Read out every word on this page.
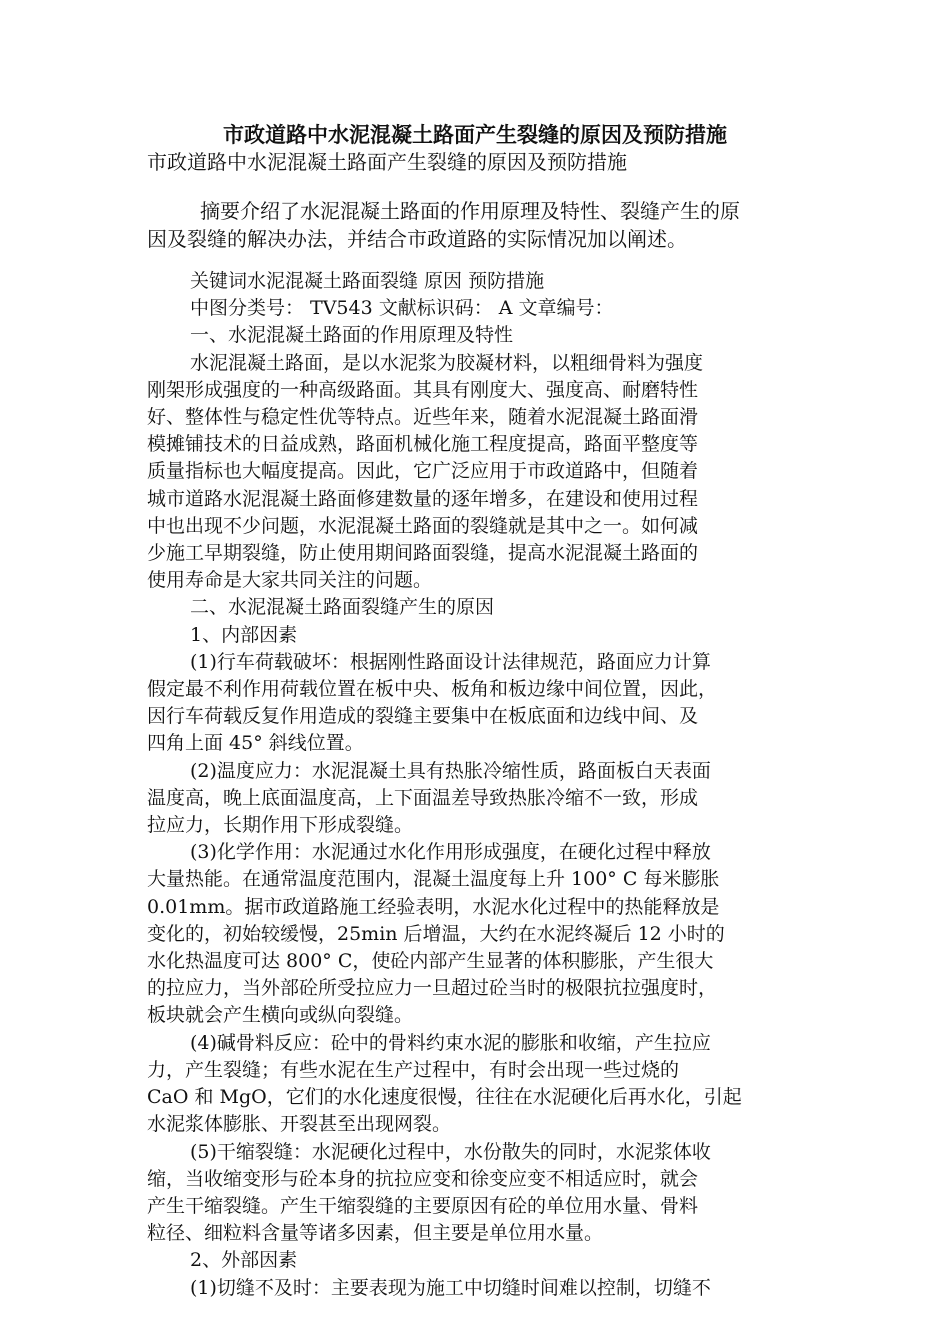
市政道路中水泥混凝土路面产生裂缝的原因及预防措施
市政道路中水泥混凝土路面产生裂缝的原因及预防措施
摘要介绍了水泥混凝土路面的作用原理及特性、裂缝产生的原
因及裂缝的解决办法，并结合市政道路的实际情况加以阐述。
关键词水泥混凝土路面裂缝 原因 预防措施
中图分类号： TV543 文献标识码： A 文章编号：
一、水泥混凝土路面的作用原理及特性
水泥混凝土路面，是以水泥浆为胶凝材料，以粗细骨料为强度
刚架形成强度的一种高级路面。其具有刚度大、强度高、耐磨特性
好、整体性与稳定性优等特点。近些年来，随着水泥混凝土路面滑
模摊铺技术的日益成熟，路面机械化施工程度提高，路面平整度等
质量指标也大幅度提高。因此，它广泛应用于市政道路中，但随着
城市道路水泥混凝土路面修建数量的逐年增多，在建设和使用过程
中也出现不少问题，水泥混凝土路面的裂缝就是其中之一。如何减
少施工早期裂缝，防止使用期间路面裂缝，提高水泥混凝土路面的
使用寿命是大家共同关注的问题。
二、水泥混凝土路面裂缝产生的原因
1、内部因素
(1)行车荷载破坏：根据刚性路面设计法律规范，路面应力计算
假定最不利作用荷载位置在板中央、板角和板边缘中间位置，因此，
因行车荷载反复作用造成的裂缝主要集中在板底面和边线中间、及
四角上面 45° 斜线位置。
(2)温度应力：水泥混凝土具有热胀冷缩性质，路面板白天表面
温度高，晚上底面温度高，上下面温差导致热胀冷缩不一致，形成
拉应力，长期作用下形成裂缝。
(3)化学作用：水泥通过水化作用形成强度，在硬化过程中释放
大量热能。在通常温度范围内，混凝土温度每上升 100° C 每米膨胀
0.01mm。据市政道路施工经验表明，水泥水化过程中的热能释放是
变化的，初始较缓慢，25min 后增温，大约在水泥终凝后 12 小时的
水化热温度可达 800° C，使砼内部产生显著的体积膨胀，产生很大
的拉应力，当外部砼所受拉应力一旦超过砼当时的极限抗拉强度时，
板块就会产生横向或纵向裂缝。
(4)碱骨料反应：砼中的骨料约束水泥的膨胀和收缩，产生拉应
力，产生裂缝；有些水泥在生产过程中，有时会出现一些过烧的
CaO 和 MgO，它们的水化速度很慢，往往在水泥硬化后再水化，引起
水泥浆体膨胀、开裂甚至出现网裂。
(5)干缩裂缝：水泥硬化过程中，水份散失的同时，水泥浆体收
缩，当收缩变形与砼本身的抗拉应变和徐变应变不相适应时，就会
产生干缩裂缝。产生干缩裂缝的主要原因有砼的单位用水量、骨料
粒径、细粒料含量等诸多因素，但主要是单位用水量。
2、外部因素
(1)切缝不及时：主要表现为施工中切缝时间难以控制，切缝不
